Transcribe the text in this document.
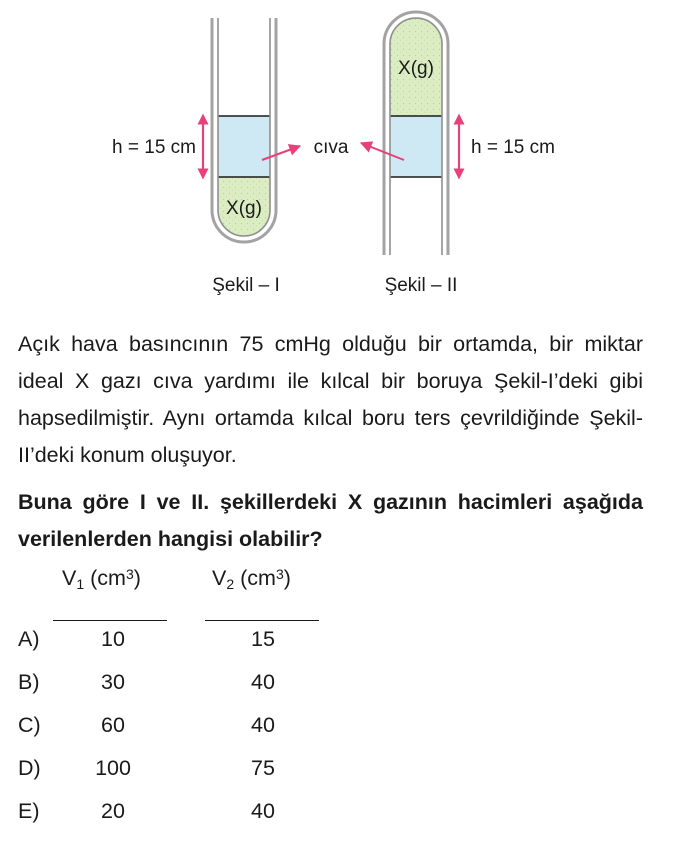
h = 15 cm	h = 15 cm
cıva
X(g)
X(g)
Şekil – I	Şekil – II

Açık hava basıncının 75 cmHg olduğu bir ortamda, bir miktar ideal X gazı cıva yardımı ile kılcal bir boruya Şekil-I’deki gibi hapsedilmiştir. Aynı ortamda kılcal boru ters çevrildiğinde Şekil-II’deki konum oluşuyor.

Buna göre I ve II. şekillerdeki X gazının hacimleri aşağıda verilenlerden hangisi olabilir?
$V_1$ $(cm^3)$	$V_2$ $(cm^3)$
A)	10	15
B)	30	40
C)	60	40
D)	100	75
E)	20	40
